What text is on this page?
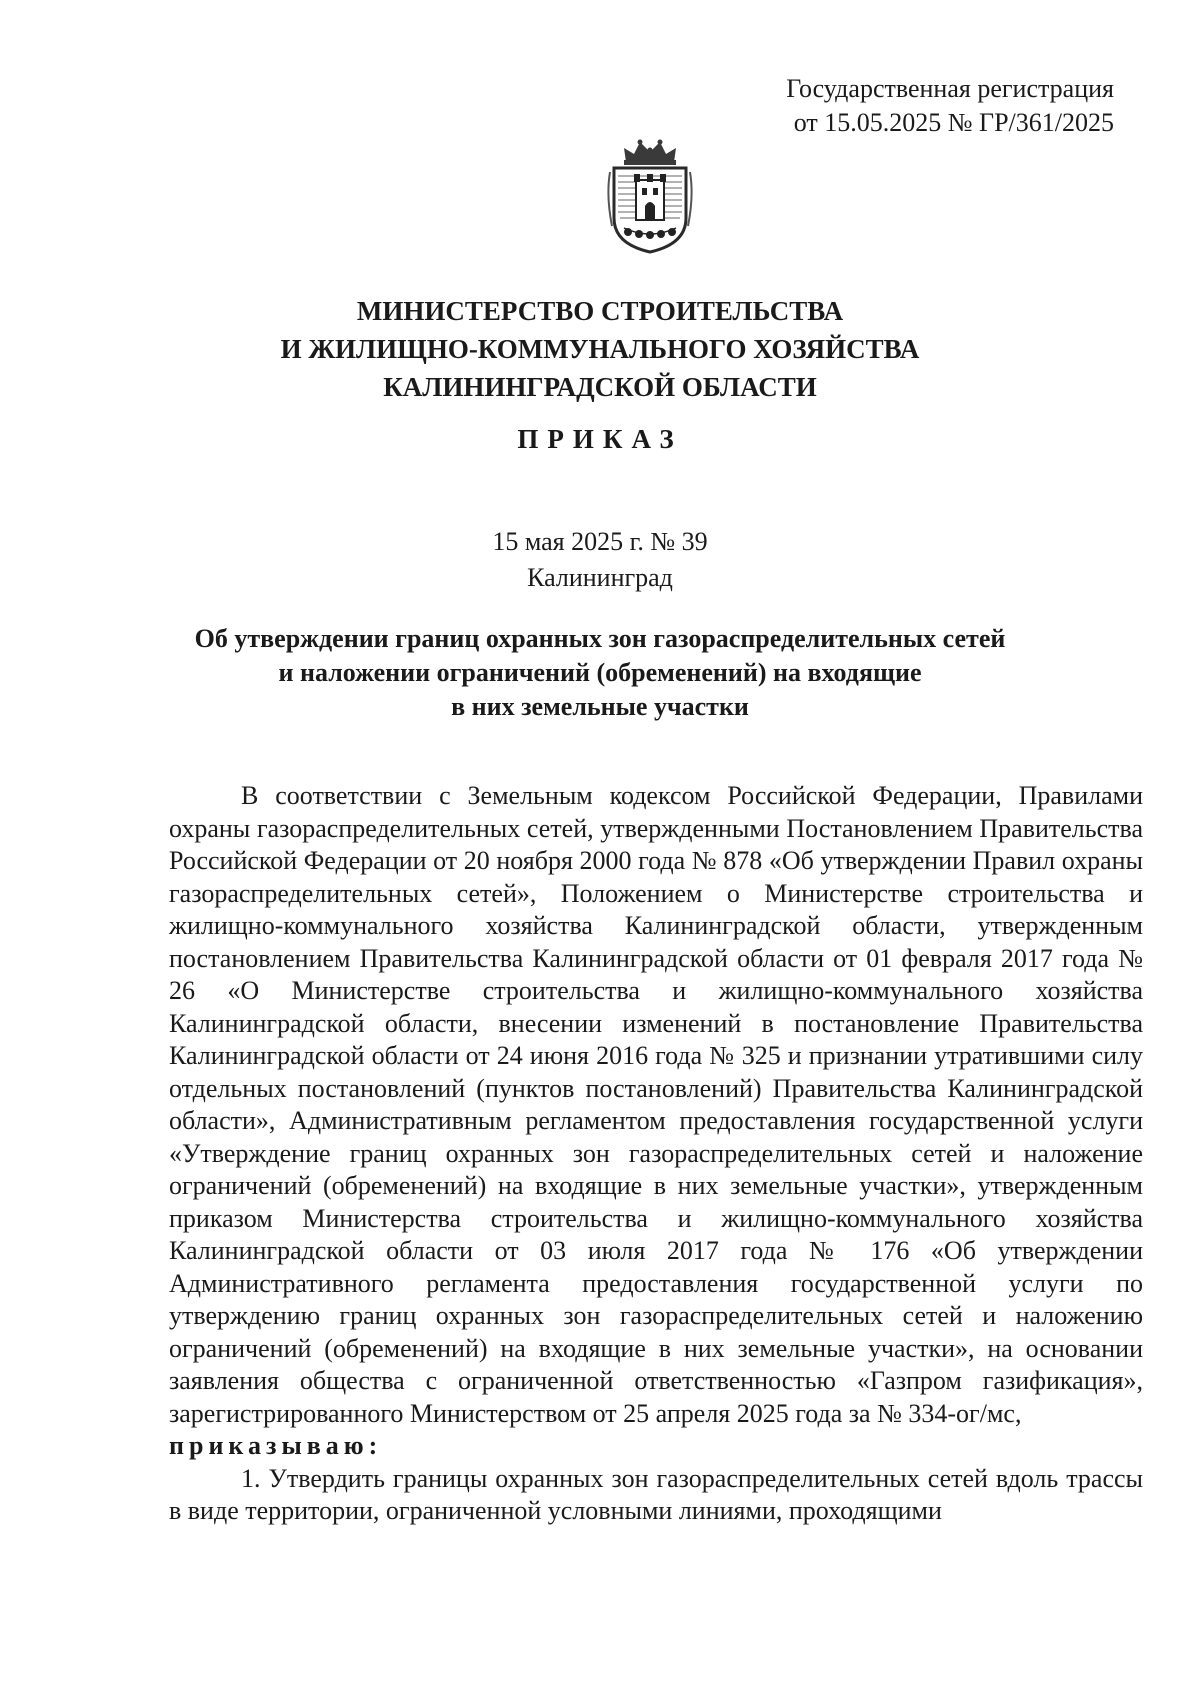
Государственная регистрация
от 15.05.2025 № ГР/361/2025
МИНИСТЕРСТВО СТРОИТЕЛЬСТВА
И ЖИЛИЩНО-КОММУНАЛЬНОГО ХОЗЯЙСТВА
КАЛИНИНГРАДСКОЙ ОБЛАСТИ
ПРИКАЗ
15 мая 2025 г. № 39
Калининград
Об утверждении границ охранных зон газораспределительных сетей
и наложении ограничений (обременений) на входящие
в них земельные участки

В соответствии с Земельным кодексом Российской Федерации, Правилами охраны газораспределительных сетей, утвержденными Постановлением Правительства Российской Федерации от 20 ноября 2000 года № 878 «Об утверждении Правил охраны газораспределительных сетей», Положением о Министерстве строительства и жилищно-коммунального хозяйства Калининградской области, утвержденным постановлением Правительства Калининградской области от 01 февраля 2017 года № 26 «О Министерстве строительства и жилищно-коммунального хозяйства Калининградской области, внесении изменений в постановление Правительства Калининградской области от 24 июня 2016 года № 325 и признании утратившими силу отдельных постановлений (пунктов постановлений) Правительства Калининградской области», Административным регламентом предоставления государственной услуги «Утверждение границ охранных зон газораспределительных сетей и наложение ограничений (обременений) на входящие в них земельные участки», утвержденным приказом Министерства строительства и жилищно-коммунального хозяйства Калининградской области от 03 июля 2017 года № 176 «Об утверждении Административного регламента предоставления государственной услуги по утверждению границ охранных зон газораспределительных сетей и наложению ограничений (обременений) на входящие в них земельные участки», на основании заявления общества с ограниченной ответственностью «Газпром газификация», зарегистрированного Министерством от 25 апреля 2025 года за № 334-ог/мс,

приказываю:

1. Утвердить границы охранных зон газораспределительных сетей вдоль трассы в виде территории, ограниченной условными линиями, проходящими
